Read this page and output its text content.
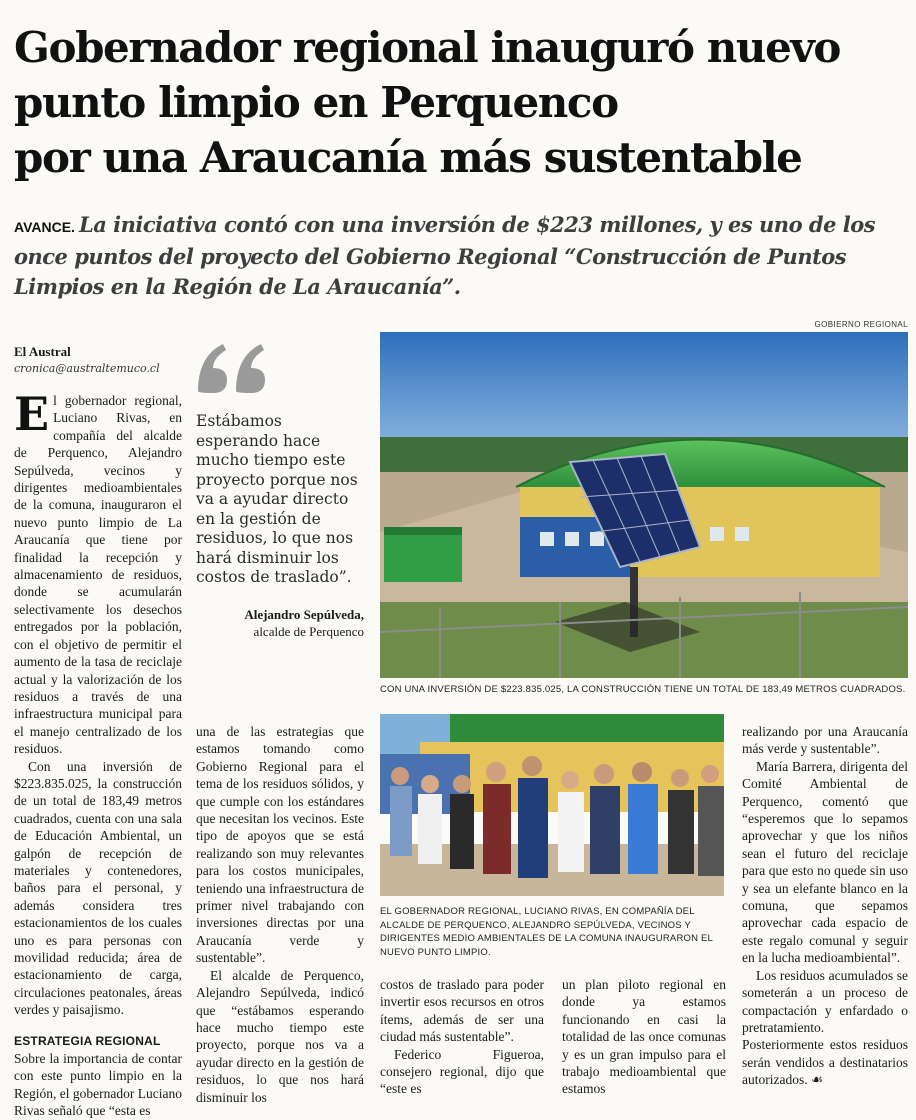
Gobernador regional inauguró nuevo
punto limpio en Perquenco
por una Araucanía más sustentable
AVANCE. La iniciativa contó con una inversión de $223 millones, y es uno de los once puntos del proyecto del Gobierno Regional “Construcción de Puntos Limpios en la Región de La Araucanía”.
El Austral
cronica@australtemuco.cl

El gobernador regional, Luciano Rivas, en compañía del alcalde de Perquenco, Alejandro Sepúlveda, vecinos y dirigentes medioambientales de la comuna, inauguraron el nuevo punto limpio de La Araucanía que tiene por finalidad la recepción y almacenamiento de residuos, donde se acumularán selectivamente los desechos entregados por la población, con el objetivo de permitir el aumento de la tasa de reciclaje actual y la valorización de los residuos a través de una infraestructura municipal para el manejo centralizado de los residuos.

Con una inversión de $223.835.025, la construcción de un total de 183,49 metros cuadrados, cuenta con una sala de Educación Ambiental, un galpón de recepción de materiales y contenedores, baños para el personal, y además considera tres estacionamientos de los cuales uno es para personas con movilidad reducida; área de estacionamiento de carga, circulaciones peatonales, áreas verdes y paisajismo.

ESTRATEGIA REGIONAL

Sobre la importancia de contar con este punto limpio en la Región, el gobernador Luciano Rivas señaló que “esta es

Estábamos esperando hace mucho tiempo este proyecto porque nos va a ayudar directo en la gestión de residuos, lo que nos hará disminuir los costos de traslado”.
Alejandro Sepúlveda,
alcalde de Perquenco

una de las estrategias que estamos tomando como Gobierno Regional para el tema de los residuos sólidos, y que cumple con los estándares que necesitan los vecinos. Este tipo de apoyos que se está realizando son muy relevantes para los costos municipales, teniendo una infraestructura de primer nivel trabajando con inversiones directas por una Araucanía verde y sustentable”.

El alcalde de Perquenco, Alejandro Sepúlveda, indicó que “estábamos esperando hace mucho tiempo este proyecto, porque nos va a ayudar directo en la gestión de residuos, lo que nos hará disminuir los

GOBIERNO REGIONAL
CON UNA INVERSIÓN DE $223.835.025, LA CONSTRUCCIÓN TIENE UN TOTAL DE 183,49 METROS CUADRADOS.
EL GOBERNADOR REGIONAL, LUCIANO RIVAS, EN COMPAÑÍA DEL ALCALDE DE PERQUENCO, ALEJANDRO SEPÚLVEDA, VECINOS Y DIRIGENTES MEDIO AMBIENTALES DE LA COMUNA INAUGURARON EL NUEVO PUNTO LIMPIO.

costos de traslado para poder invertir esos recursos en otros ítems, además de ser una ciudad más sustentable”.

Federico Figueroa, consejero regional, dijo que “este es

un plan piloto regional en donde ya estamos funcionando en casi la totalidad de las once comunas y es un gran impulso para el trabajo medioambiental que estamos

realizando por una Araucanía más verde y sustentable”.

María Barrera, dirigenta del Comité Ambiental de Perquenco, comentó que “esperemos que lo sepamos aprovechar y que los niños sean el futuro del reciclaje para que esto no quede sin uso y sea un elefante blanco en la comuna, que sepamos aprovechar cada espacio de este regalo comunal y seguir en la lucha medioambiental”.

Los residuos acumulados se someterán a un proceso de compactación y enfardado o pretratamiento. Posteriormente estos residuos serán vendidos a destinatarios autorizados. ☙
